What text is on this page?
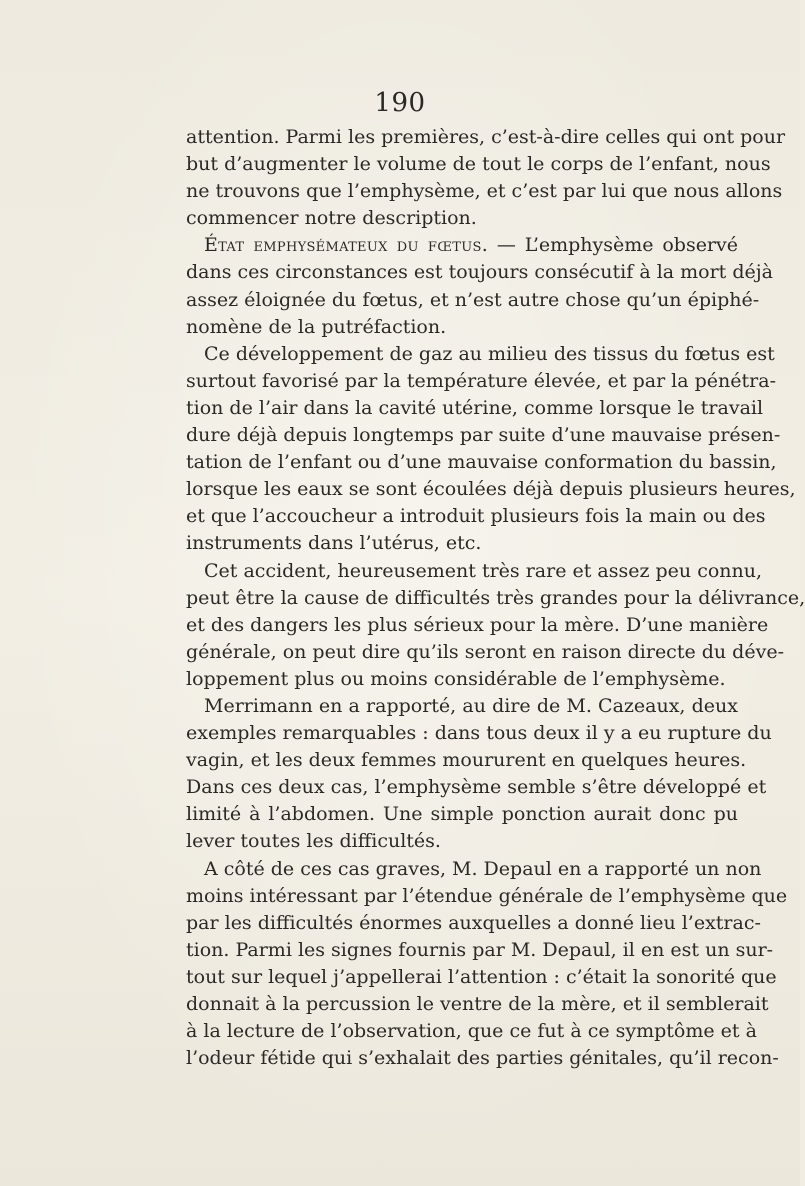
190
attention. Parmi les premières, c’est-à-dire celles qui ont pour
but d’augmenter le volume de tout le corps de l’enfant, nous
ne trouvons que l’emphysème, et c’est par lui que nous allons
commencer notre description.
État emphysémateux du fœtus. — L’emphysème observé
dans ces circonstances est toujours consécutif à la mort déjà
assez éloignée du fœtus, et n’est autre chose qu’un épiphé-
nomène de la putréfaction.
Ce développement de gaz au milieu des tissus du fœtus est
surtout favorisé par la température élevée, et par la pénétra-
tion de l’air dans la cavité utérine, comme lorsque le travail
dure déjà depuis longtemps par suite d’une mauvaise présen-
tation de l’enfant ou d’une mauvaise conformation du bassin,
lorsque les eaux se sont écoulées déjà depuis plusieurs heures,
et que l’accoucheur a introduit plusieurs fois la main ou des
instruments dans l’utérus, etc.
Cet accident, heureusement très rare et assez peu connu,
peut être la cause de difficultés très grandes pour la délivrance,
et des dangers les plus sérieux pour la mère. D’une manière
générale, on peut dire qu’ils seront en raison directe du déve-
loppement plus ou moins considérable de l’emphysème.
Merrimann en a rapporté, au dire de M. Cazeaux, deux
exemples remarquables : dans tous deux il y a eu rupture du
vagin, et les deux femmes moururent en quelques heures.
Dans ces deux cas, l’emphysème semble s’être développé et
limité à l’abdomen. Une simple ponction aurait donc pu
lever toutes les difficultés.
A côté de ces cas graves, M. Depaul en a rapporté un non
moins intéressant par l’étendue générale de l’emphysème que
par les difficultés énormes auxquelles a donné lieu l’extrac-
tion. Parmi les signes fournis par M. Depaul, il en est un sur-
tout sur lequel j’appellerai l’attention : c’était la sonorité que
donnait à la percussion le ventre de la mère, et il semblerait
à la lecture de l’observation, que ce fut à ce symptôme et à
l’odeur fétide qui s’exhalait des parties génitales, qu’il recon-
